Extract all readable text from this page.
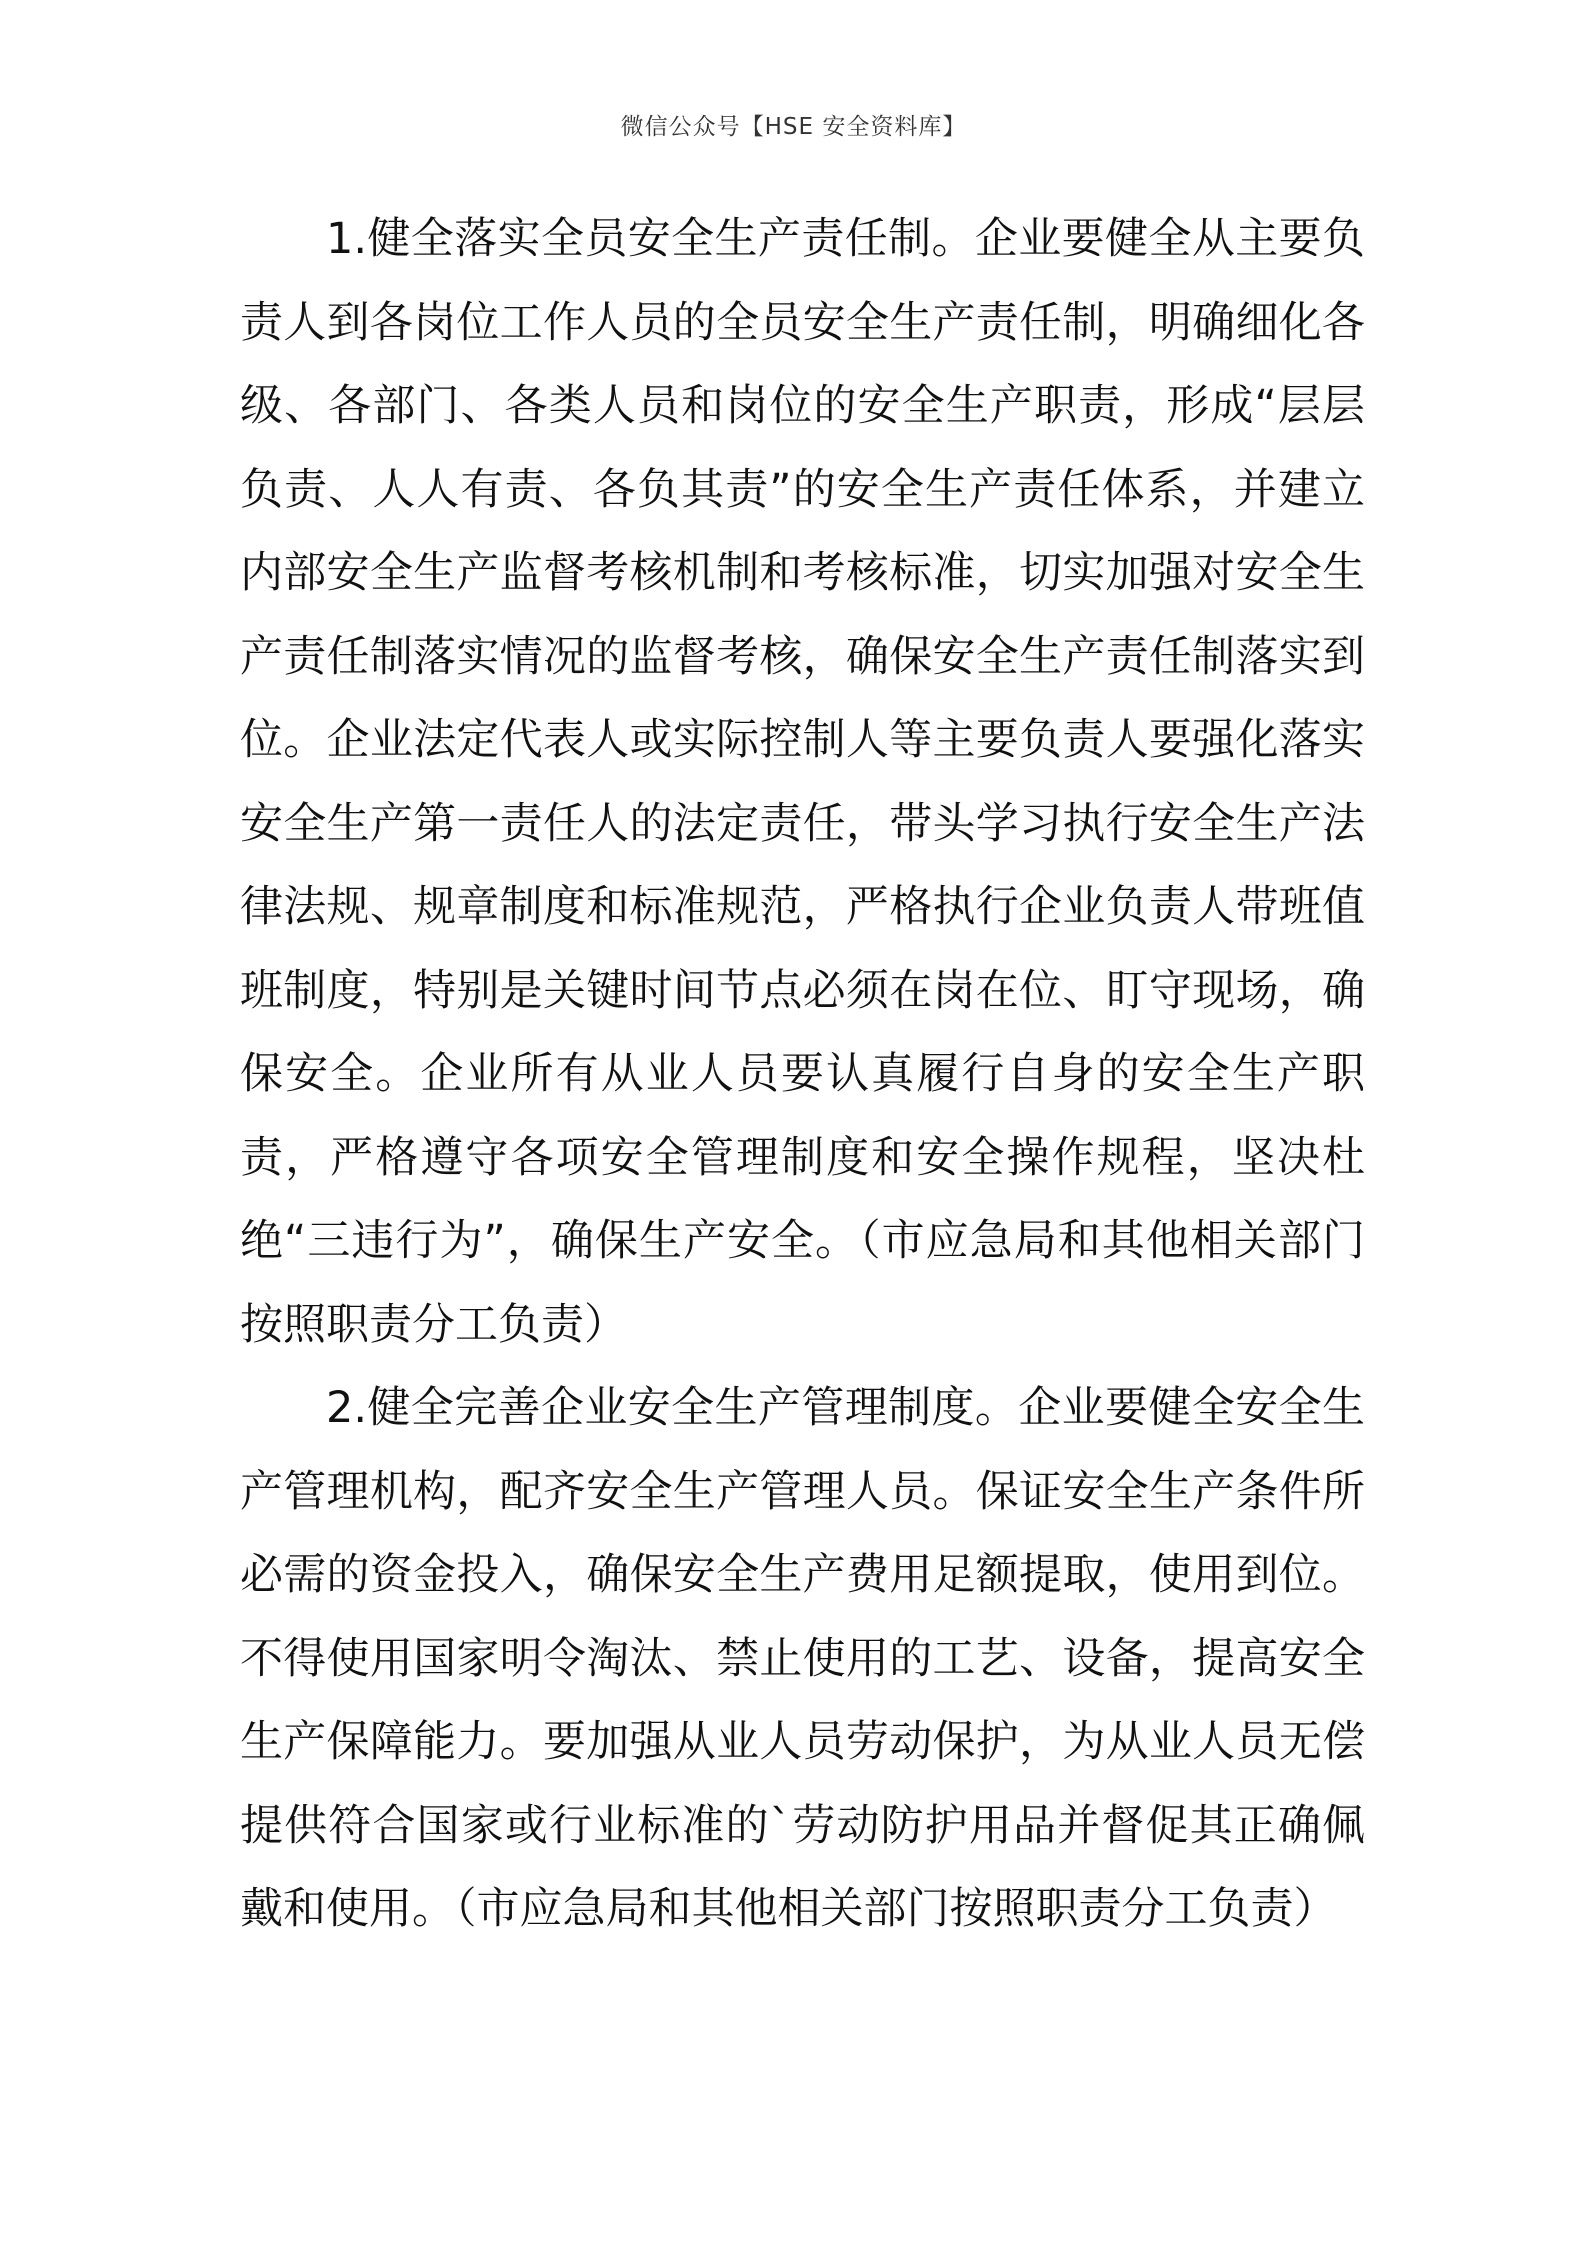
微信公众号【HSE 安全资料库】

1.健全落实全员安全生产责任制。企业要健全从主要负责人到各岗位工作人员的全员安全生产责任制，明确细化各级、各部门、各类人员和岗位的安全生产职责，形成“层层负责、人人有责、各负其责”的安全生产责任体系，并建立内部安全生产监督考核机制和考核标准，切实加强对安全生产责任制落实情况的监督考核，确保安全生产责任制落实到位。企业法定代表人或实际控制人等主要负责人要强化落实安全生产第一责任人的法定责任，带头学习执行安全生产法律法规、规章制度和标准规范，严格执行企业负责人带班值班制度，特别是关键时间节点必须在岗在位、盯守现场，确保安全。企业所有从业人员要认真履行自身的安全生产职责，严格遵守各项安全管理制度和安全操作规程，坚决杜绝“三违行为”，确保生产安全。（市应急局和其他相关部门按照职责分工负责）

2.健全完善企业安全生产管理制度。企业要健全安全生产管理机构，配齐安全生产管理人员。保证安全生产条件所必需的资金投入，确保安全生产费用足额提取，使用到位。不得使用国家明令淘汰、禁止使用的工艺、设备，提高安全生产保障能力。要加强从业人员劳动保护，为从业人员无偿提供符合国家或行业标准的`劳动防护用品并督促其正确佩戴和使用。（市应急局和其他相关部门按照职责分工负责）
